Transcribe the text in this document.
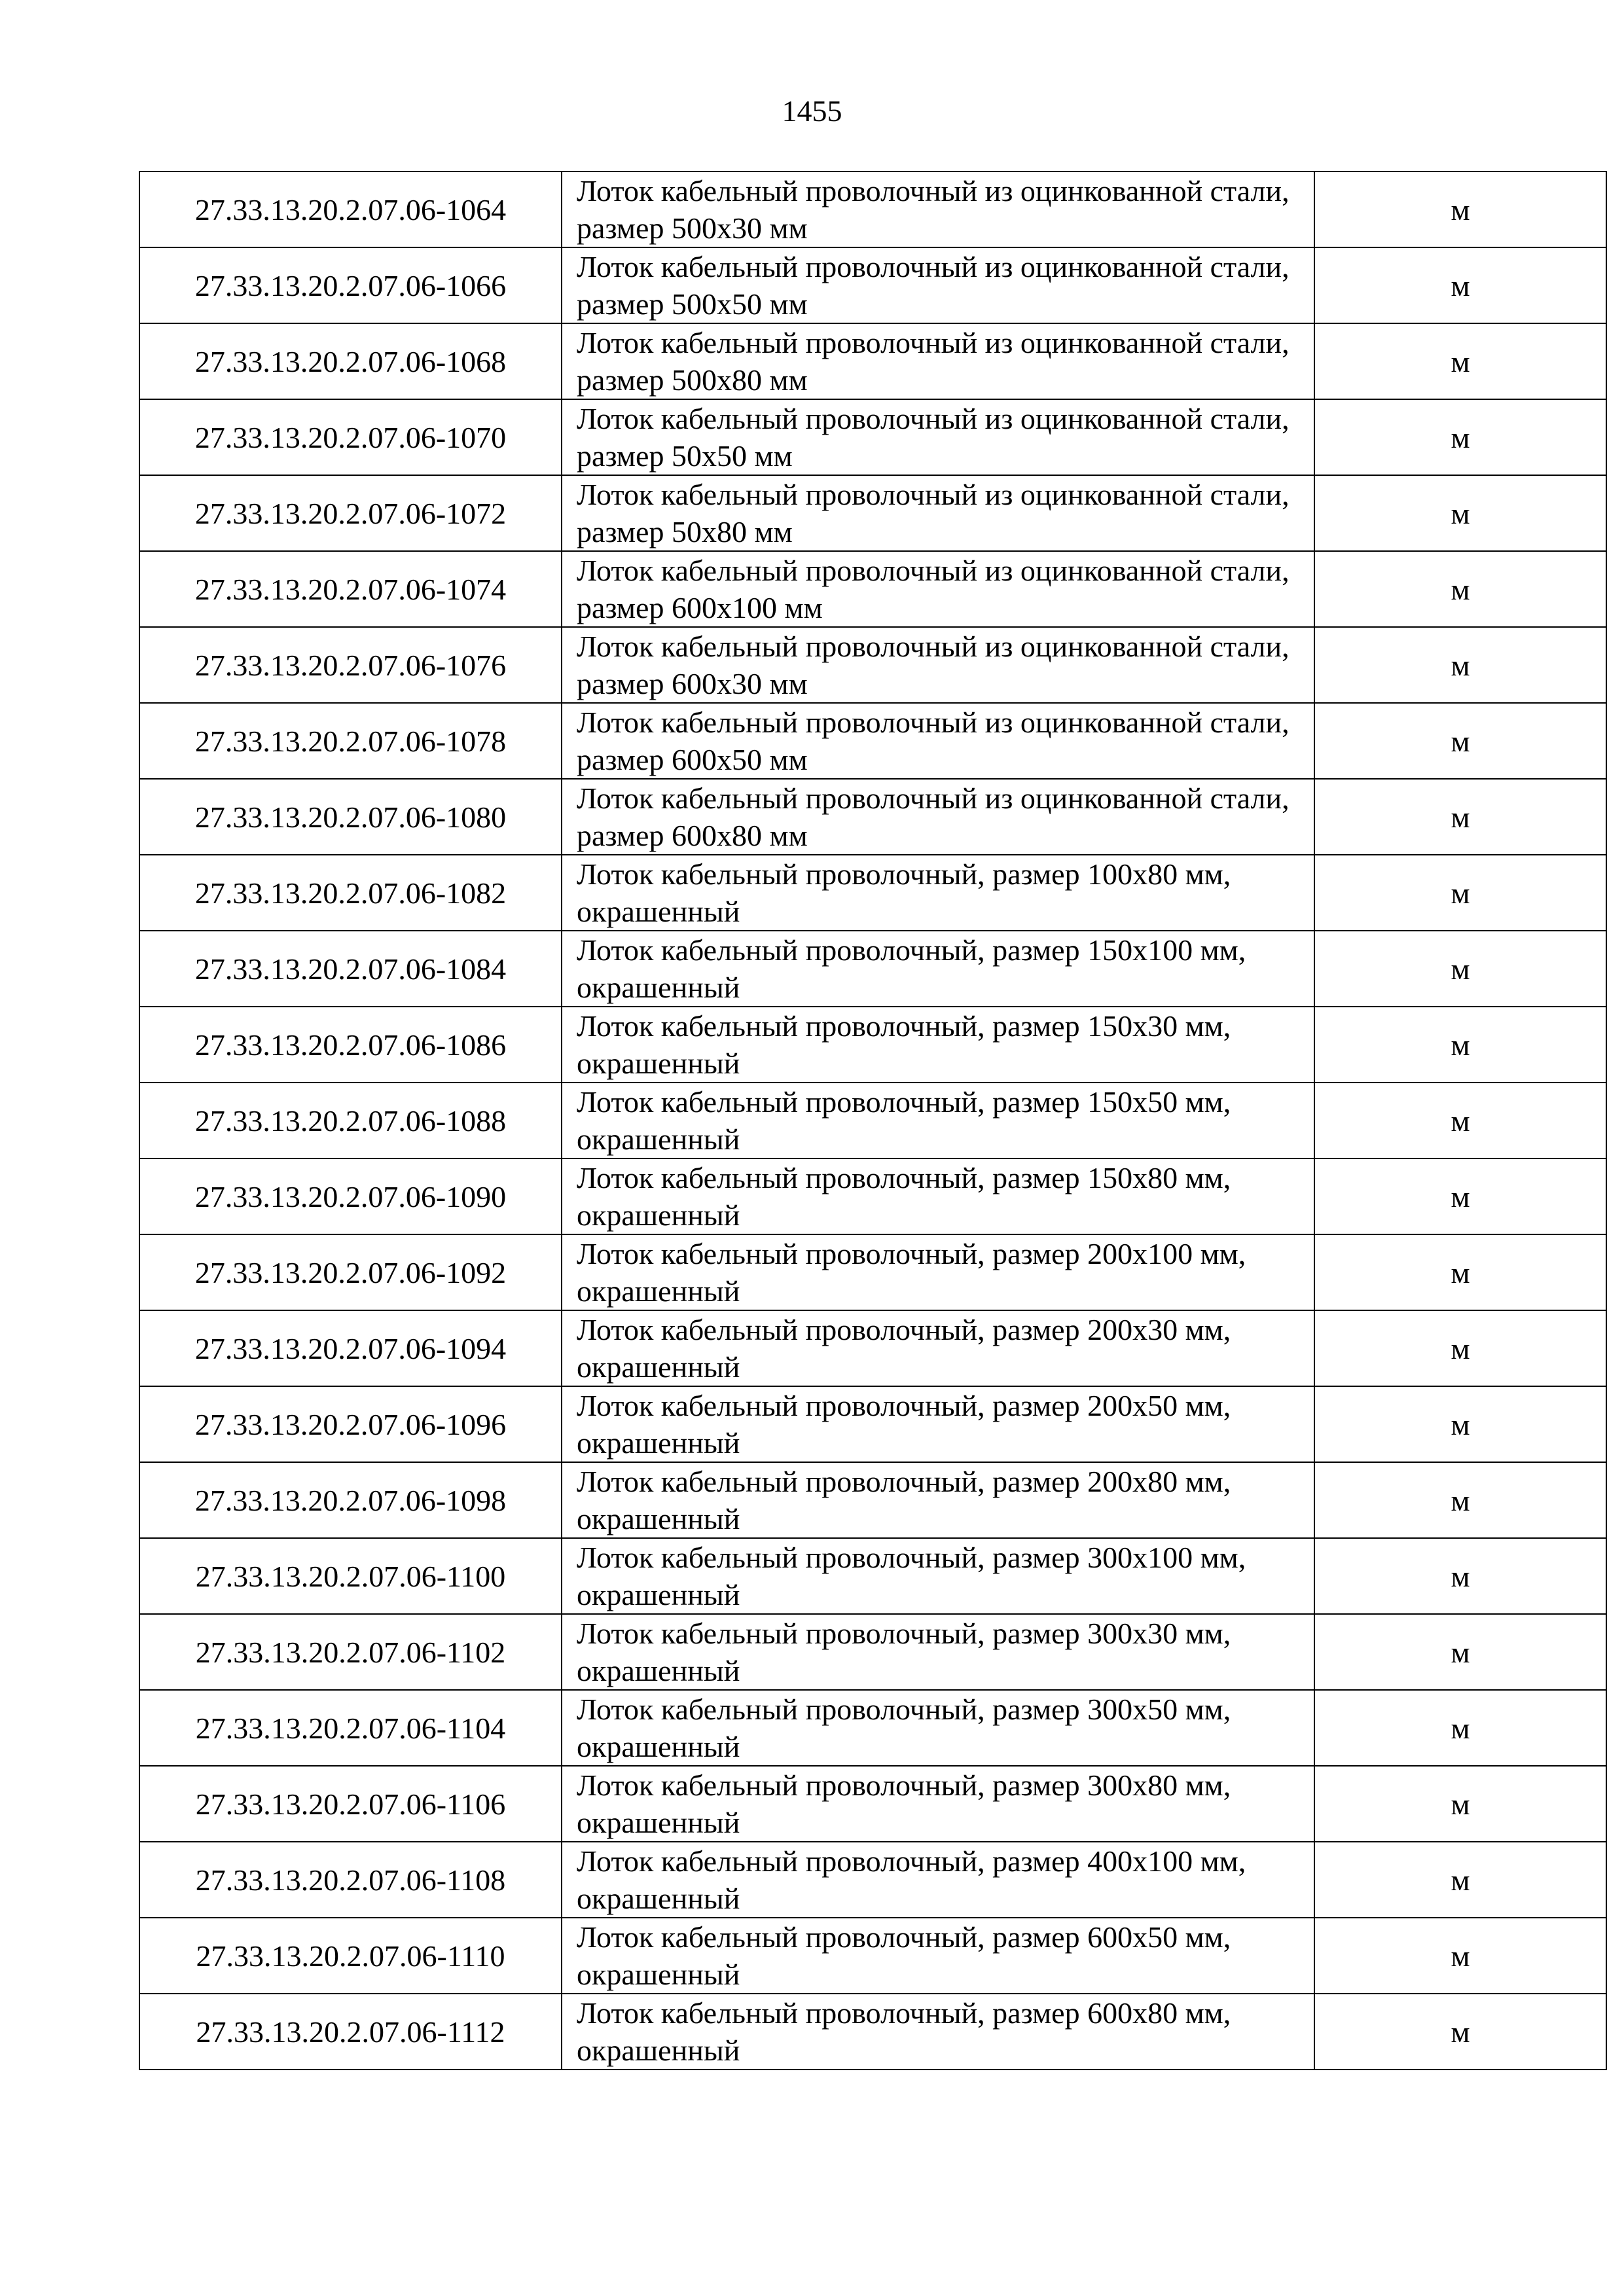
1455
27.33.13.20.2.07.06-1064	Лоток кабельный проволочный из оцинкованной стали, размер 500х30 мм	м
27.33.13.20.2.07.06-1066	Лоток кабельный проволочный из оцинкованной стали, размер 500х50 мм	м
27.33.13.20.2.07.06-1068	Лоток кабельный проволочный из оцинкованной стали, размер 500х80 мм	м
27.33.13.20.2.07.06-1070	Лоток кабельный проволочный из оцинкованной стали, размер 50х50 мм	м
27.33.13.20.2.07.06-1072	Лоток кабельный проволочный из оцинкованной стали, размер 50х80 мм	м
27.33.13.20.2.07.06-1074	Лоток кабельный проволочный из оцинкованной стали, размер 600х100 мм	м
27.33.13.20.2.07.06-1076	Лоток кабельный проволочный из оцинкованной стали, размер 600х30 мм	м
27.33.13.20.2.07.06-1078	Лоток кабельный проволочный из оцинкованной стали, размер 600х50 мм	м
27.33.13.20.2.07.06-1080	Лоток кабельный проволочный из оцинкованной стали, размер 600х80 мм	м
27.33.13.20.2.07.06-1082	Лоток кабельный проволочный, размер 100х80 мм, окрашенный	м
27.33.13.20.2.07.06-1084	Лоток кабельный проволочный, размер 150х100 мм, окрашенный	м
27.33.13.20.2.07.06-1086	Лоток кабельный проволочный, размер 150х30 мм, окрашенный	м
27.33.13.20.2.07.06-1088	Лоток кабельный проволочный, размер 150х50 мм, окрашенный	м
27.33.13.20.2.07.06-1090	Лоток кабельный проволочный, размер 150х80 мм, окрашенный	м
27.33.13.20.2.07.06-1092	Лоток кабельный проволочный, размер 200х100 мм, окрашенный	м
27.33.13.20.2.07.06-1094	Лоток кабельный проволочный, размер 200х30 мм, окрашенный	м
27.33.13.20.2.07.06-1096	Лоток кабельный проволочный, размер 200х50 мм, окрашенный	м
27.33.13.20.2.07.06-1098	Лоток кабельный проволочный, размер 200х80 мм, окрашенный	м
27.33.13.20.2.07.06-1100	Лоток кабельный проволочный, размер 300х100 мм, окрашенный	м
27.33.13.20.2.07.06-1102	Лоток кабельный проволочный, размер 300х30 мм, окрашенный	м
27.33.13.20.2.07.06-1104	Лоток кабельный проволочный, размер 300х50 мм, окрашенный	м
27.33.13.20.2.07.06-1106	Лоток кабельный проволочный, размер 300х80 мм, окрашенный	м
27.33.13.20.2.07.06-1108	Лоток кабельный проволочный, размер 400х100 мм, окрашенный	м
27.33.13.20.2.07.06-1110	Лоток кабельный проволочный, размер 600х50 мм, окрашенный	м
27.33.13.20.2.07.06-1112	Лоток кабельный проволочный, размер 600х80 мм, окрашенный	м
